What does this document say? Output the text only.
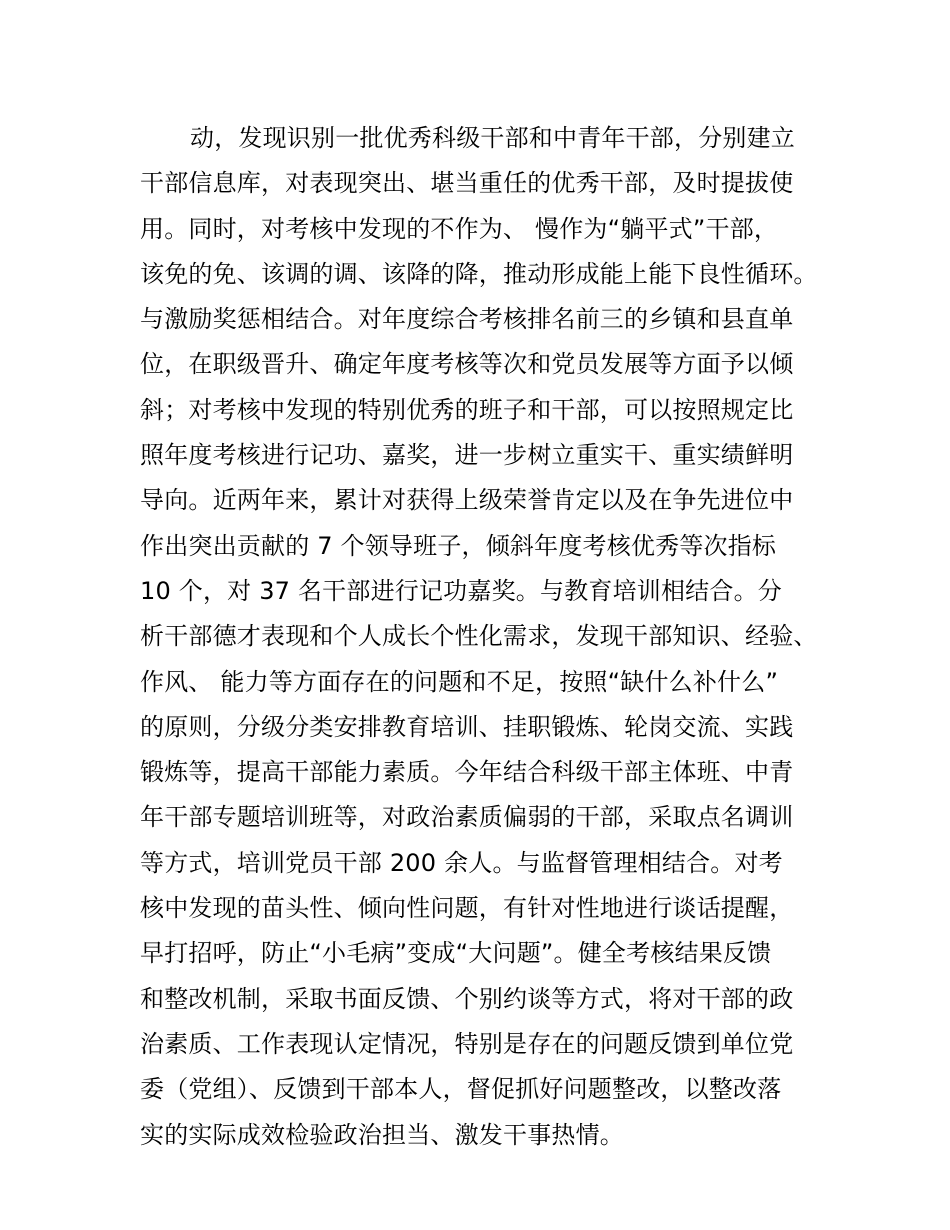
动，发现识别一批优秀科级干部和中青年干部，分别建立
干部信息库，对表现突出、堪当重任的优秀干部，及时提拔使
用。同时，对考核中发现的不作为、 慢作为“躺平式”干部，
该免的免、该调的调、该降的降，推动形成能上能下良性循环。
与激励奖惩相结合。对年度综合考核排名前三的乡镇和县直单
位，在职级晋升、确定年度考核等次和党员发展等方面予以倾
斜；对考核中发现的特别优秀的班子和干部，可以按照规定比
照年度考核进行记功、嘉奖，进一步树立重实干、重实绩鲜明
导向。近两年来，累计对获得上级荣誉肯定以及在争先进位中
作出突出贡献的 7 个领导班子，倾斜年度考核优秀等次指标
10 个，对 37 名干部进行记功嘉奖。与教育培训相结合。分
析干部德才表现和个人成长个性化需求，发现干部知识、经验、
作风、 能力等方面存在的问题和不足，按照“缺什么补什么”
的原则，分级分类安排教育培训、挂职锻炼、轮岗交流、实践
锻炼等，提高干部能力素质。今年结合科级干部主体班、中青
年干部专题培训班等，对政治素质偏弱的干部，采取点名调训
等方式，培训党员干部 200 余人。与监督管理相结合。对考
核中发现的苗头性、倾向性问题，有针对性地进行谈话提醒，
早打招呼，防止“小毛病”变成“大问题”。健全考核结果反馈
和整改机制，采取书面反馈、个别约谈等方式，将对干部的政
治素质、工作表现认定情况，特别是存在的问题反馈到单位党
委（党组）、反馈到干部本人，督促抓好问题整改，以整改落
实的实际成效检验政治担当、激发干事热情。
